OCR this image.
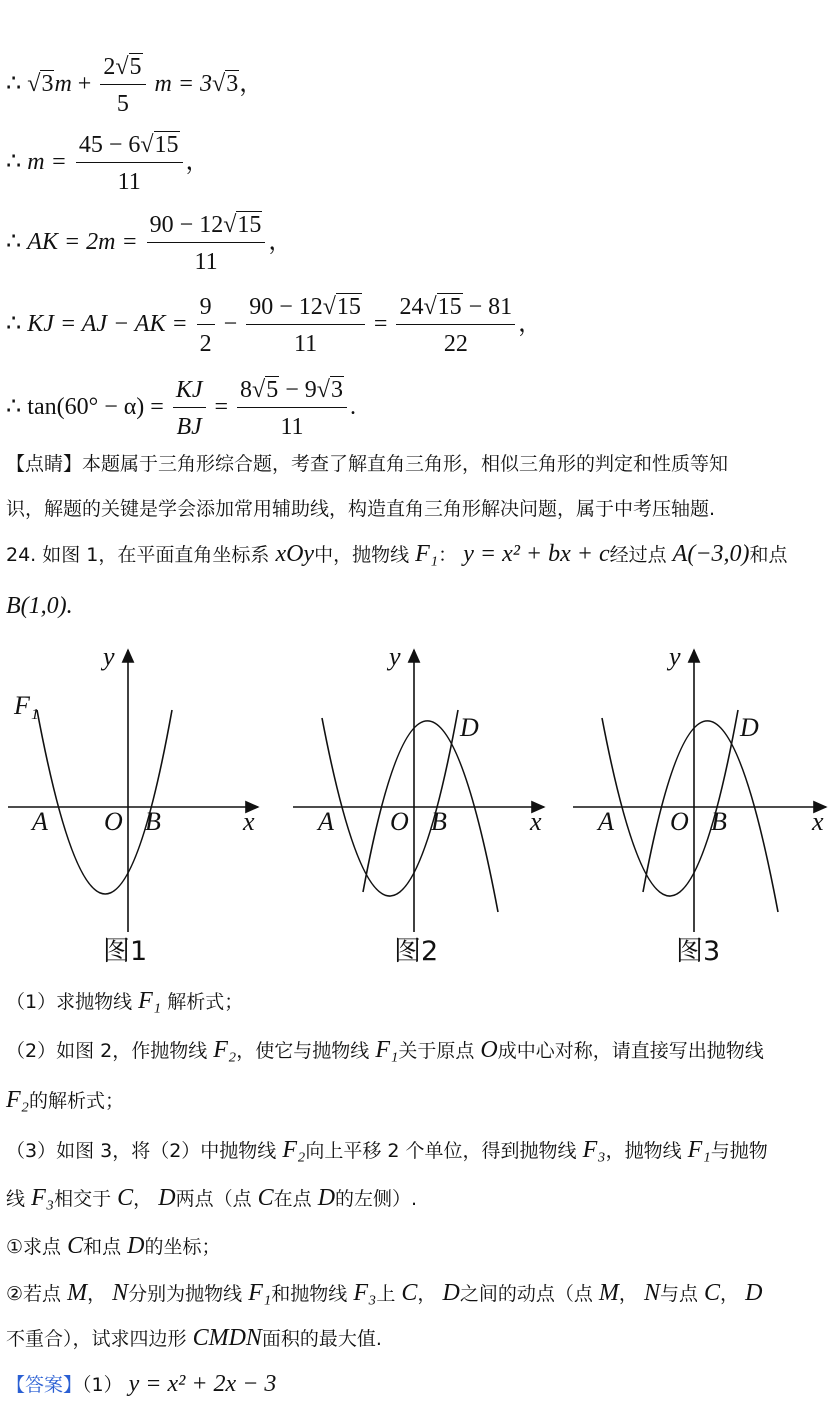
∴ $√3m + \frac{2√5}{5}$ m = 3√3，
∴ $m = \frac{45 - 6√15}{11}$ ，
∴ AK = $2m = \frac{90 - 12√15}{11}$ ，
∴ KJ = AJ − AK = $\frac{9}{2} - \frac{90 - 12√15}{11} = \frac{24√15 - 81}{22}$ ，
∴ $\tan(60^\circ - \alpha) = \frac{KJ}{BJ} = \frac{8√5 - 9√3}{11}$ .
【点睛】本题属于三角形综合题，考查了解直角三角形，相似三角形的判定和性质等知
识，解题的关键是学会添加常用辅助线，构造直角三角形解决问题，属于中考压轴题.
24. 如图 1，在平面直角坐标系 xOy中，抛物线 F₁： y = x² + bx + c经过点 A(−3,0)和点
B(1,0).
y
x
F₁
A O B
y
x
A O B
D
y
x
A O B
D
图1	图2	图3
（1）求抛物线 F₁ 解析式；
（2）如图 2，作抛物线 F₂，使它与抛物线 F₁关于原点 O成中心对称，请直接写出抛物线
F₂的解析式；
（3）如图 3，将（2）中抛物线 F₂向上平移 2 个单位，得到抛物线 F₃，抛物线 F₁与抛物
线 F₃相交于 C， D两点（点 C在点 D的左侧）.
①求点 C和点 D的坐标；
②若点 M， N分别为抛物线 F₁和抛物线 F₃上 C， D之间的动点（点 M， N与点 C， D
不重合），试求四边形 CMDN面积的最大值.
【答案】（1） y = x² + 2x − 3
